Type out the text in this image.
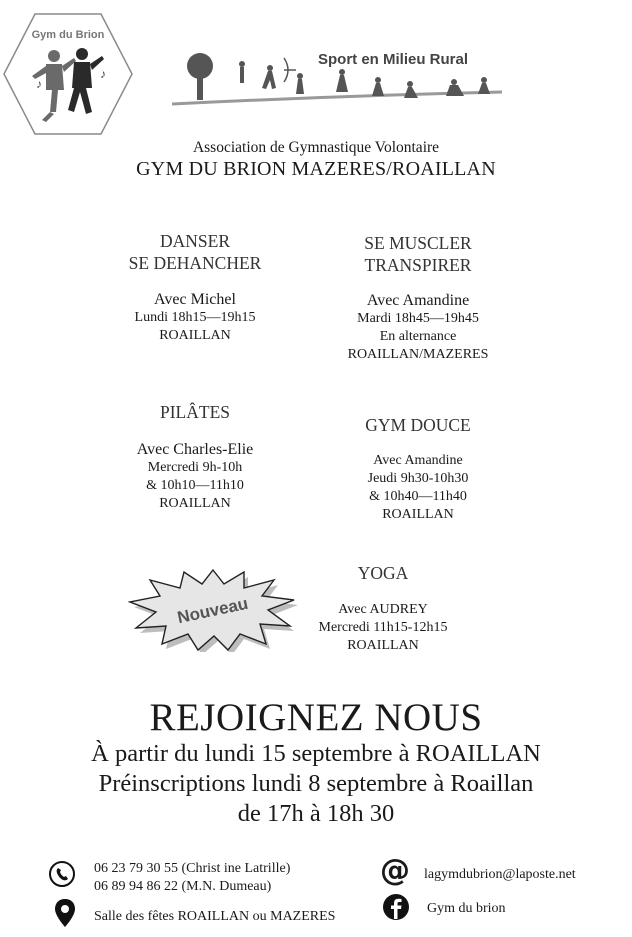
Gym du Brion
♪
♪
Sport en Milieu Rural
Association de Gymnastique Volontaire
GYM DU BRION MAZERES/ROAILLAN
DANSER
SE DEHANCHER
Avec Michel
Lundi 18h15—19h15
ROAILLAN
SE MUSCLER
TRANSPIRER
Avec Amandine
Mardi 18h45—19h45
En alternance
ROAILLAN/MAZERES
PILÂTES
Avec Charles-Elie
Mercredi 9h-10h
& 10h10—11h10
ROAILLAN
GYM DOUCE
Avec Amandine
Jeudi 9h30-10h30
& 10h40—11h40
ROAILLAN
Nouveau
YOGA
Avec AUDREY
Mercredi 11h15-12h15
ROAILLAN
REJOIGNEZ NOUS
À partir du lundi 15 septembre à ROAILLAN
Préinscriptions lundi 8 septembre à Roaillan
de 17h à 18h 30
06 23 79 30 55 (Christ ine Latrille)
06 89 94 86 22 (M.N. Dumeau)	@ lagymdubrion@laposte.net
Salle des fêtes ROAILLAN ou MAZERES
Gym du brion
